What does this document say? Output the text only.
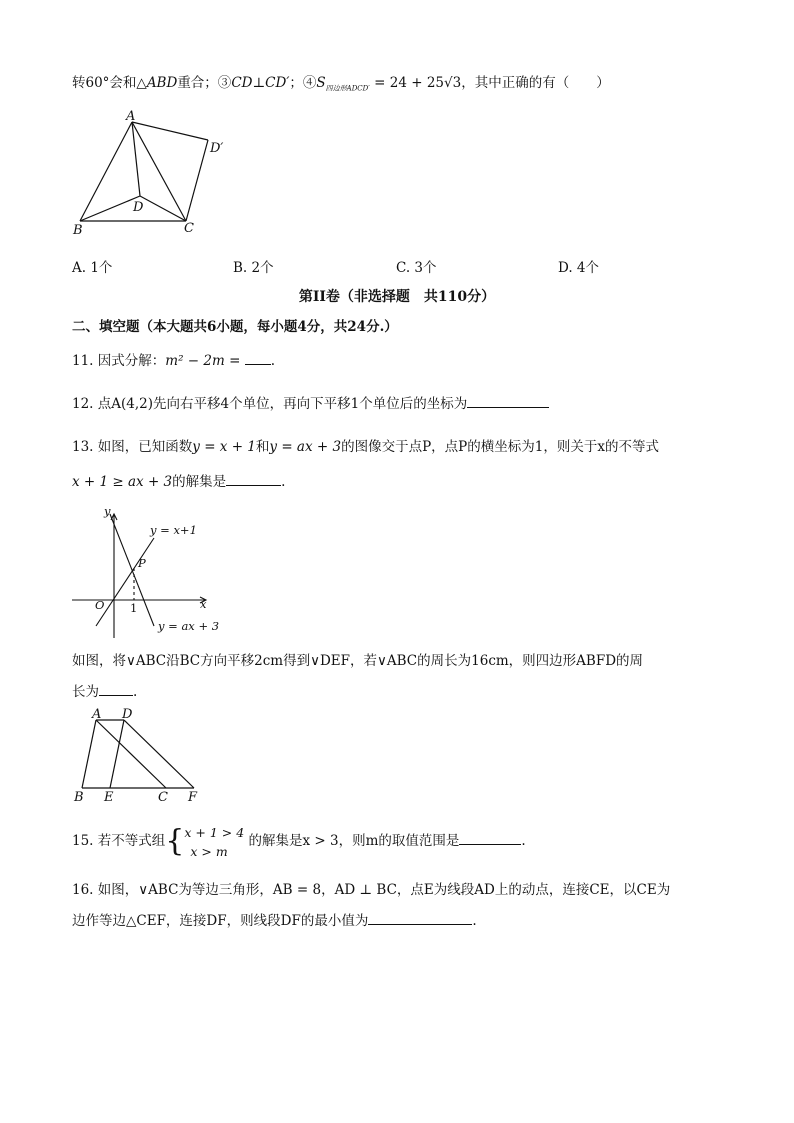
转60°会和△ABD重合；③CD⊥CD′；$④S_{四边形ADCD'} = 24 + 25√3$，其中正确的有（　　）
A
D′
D
B	C
A. 1个	B. 2个	C. 3个	D. 4个
第II卷（非选择题　共110分）
二、填空题（本大题共6小题，每小题4分，共24分.）
11. 因式分解：m² − 2m = .
12. 点A(4,2)先向右平移4个单位，再向下平移1个单位后的坐标为
13. 如图，已知函数y = x + 1和y = ax + 3的图像交于点P，点P的横坐标为1，则关于x的不等式
x + 1 ≥ ax + 3的解集是	.
y
x
O 1
P
y = x+1
y = ax + 3
如图，将∨ABC沿BC方向平移2cm得到∨DEF，若∨ABC的周长为16cm，则四边形ABFD的周
长为	.
A D
B E	C F
15. 若不等式组{x + 1 > 4
x > m 的解集是x > 3，则m的取值范围是	.
16. 如图，∨ABC为等边三角形，AB = 8，AD ⊥ BC，点E为线段AD上的动点，连接CE，以CE为
边作等边△CEF，连接DF，则线段DF的最小值为	.
